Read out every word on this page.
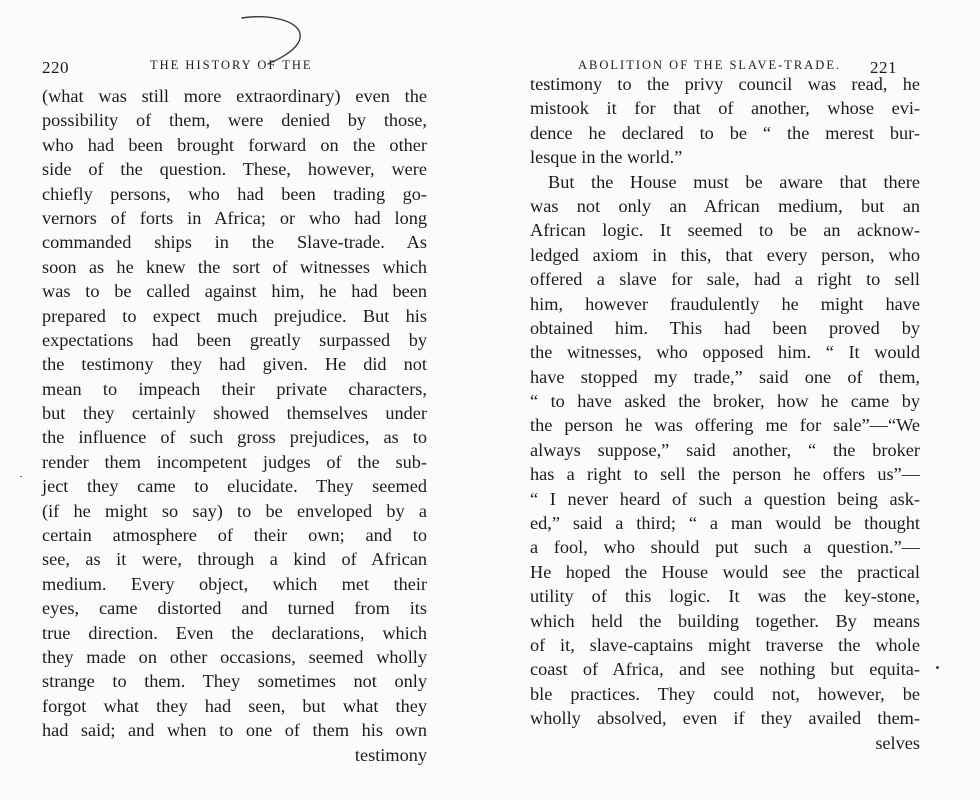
220	THE HISTORY OF THE
(what was still more extraordinary) even the
possibility of them, were denied by those,
who had been brought forward on the other
side of the question. These, however, were
chiefly persons, who had been trading go-
vernors of forts in Africa; or who had long
commanded ships in the Slave-trade. As
soon as he knew the sort of witnesses which
was to be called against him, he had been
prepared to expect much prejudice. But his
expectations had been greatly surpassed by
the testimony they had given. He did not
mean to impeach their private characters,
but they certainly showed themselves under
the influence of such gross prejudices, as to
render them incompetent judges of the sub-
ject they came to elucidate. They seemed
(if he might so say) to be enveloped by a
certain atmosphere of their own; and to
see, as it were, through a kind of African
medium. Every object, which met their
eyes, came distorted and turned from its
true direction. Even the declarations, which
they made on other occasions, seemed wholly
strange to them. They sometimes not only
forgot what they had seen, but what they
had said; and when to one of them his own
testimony
ABOLITION OF THE SLAVE-TRADE. 221
testimony to the privy council was read, he
mistook it for that of another, whose evi-
dence he declared to be “ the merest bur-
lesque in the world.”
But the House must be aware that there
was not only an African medium, but an
African logic. It seemed to be an acknow-
ledged axiom in this, that every person, who
offered a slave for sale, had a right to sell
him, however fraudulently he might have
obtained him. This had been proved by
the witnesses, who opposed him. “ It would
have stopped my trade,” said one of them,
“ to have asked the broker, how he came by
the person he was offering me for sale”—“We
always suppose,” said another, “ the broker
has a right to sell the person he offers us”—
“ I never heard of such a question being ask-
ed,” said a third; “ a man would be thought
a fool, who should put such a question.”—
He hoped the House would see the practical
utility of this logic. It was the key-stone,
which held the building together. By means
of it, slave-captains might traverse the whole
coast of Africa, and see nothing but equita-
ble practices. They could not, however, be
wholly absolved, even if they availed them-
selves
